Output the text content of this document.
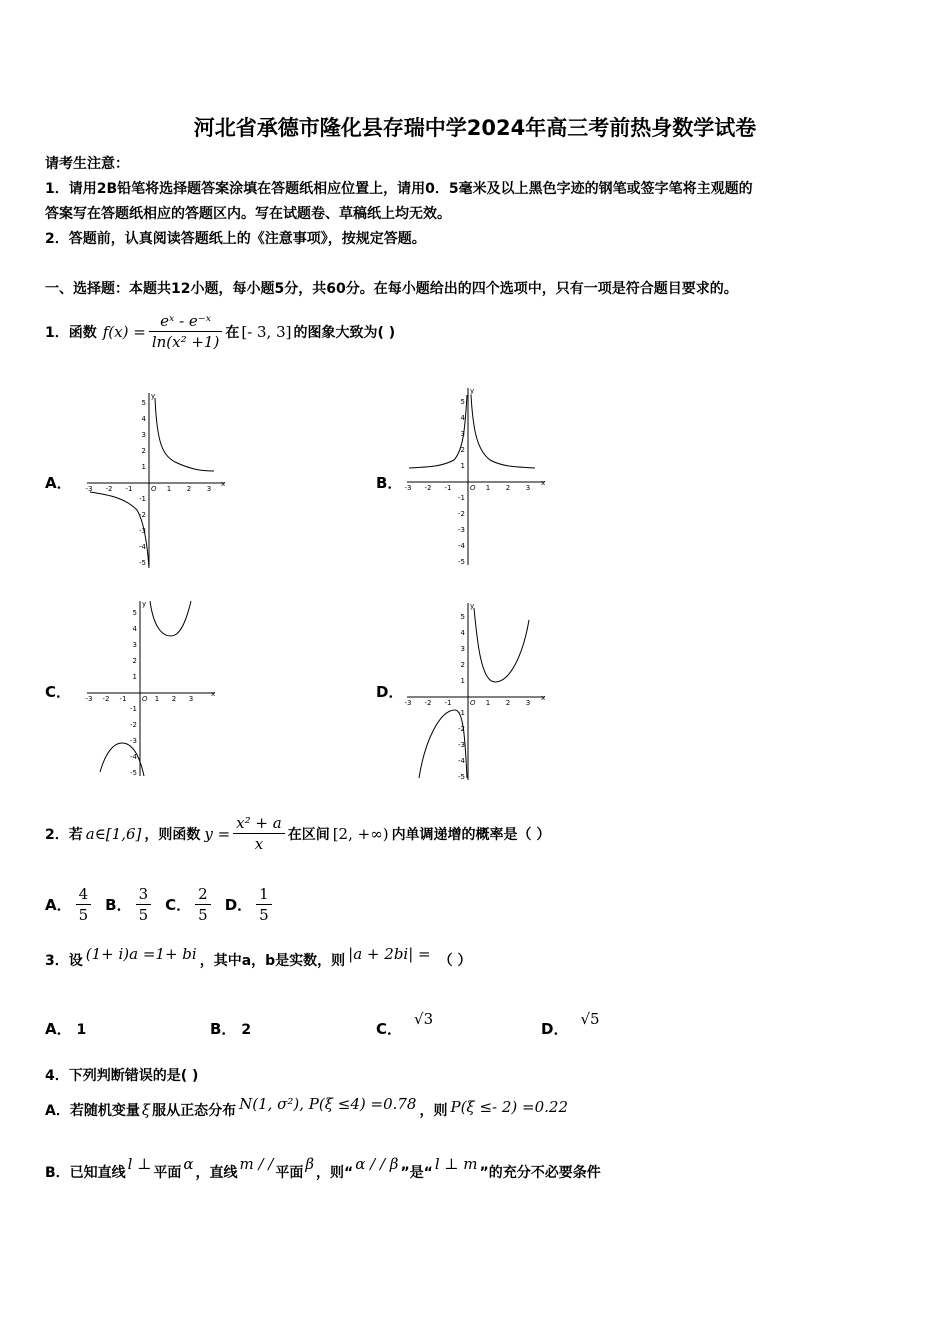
河北省承德市隆化县存瑞中学2024年高三考前热身数学试卷
请考生注意：
1．请用2B铅笔将选择题答案涂填在答题纸相应位置上，请用0．5毫米及以上黑色字迹的钢笔或签字笔将主观题的
答案写在答题纸相应的答题区内。写在试题卷、草稿纸上均无效。
2．答题前，认真阅读答题纸上的《注意事项》，按规定答题。
一、选择题：本题共12小题，每小题5分，共60分。在每小题给出的四个选项中，只有一项是符合题目要求的。
1．函数 $f(x) = \frac{\text{eˣ - e⁻ˣ}}{\text{ln(x² +1)}}$ 在 [- 3, 3] 的图象大致为( )
A．	B．
C．	D．
-3 -2 -1	1 2 3
5
4
3
2
1
-1
-2
-3
-4
-5
O
x
y
-3 -2 -1	1 2 3
5
4
3
2
1
-1
-2
-3
-4
-5
O
x
y
-3 -2 -1	1 2 3
5
4
3
2
1
-1
-2
-3
-4
-5
O
x
y
-3 -2 -1	1 2 3
5
4
3
2
1
-1
-2
-3
-4
-5
O
x
y
2．若 a∈[1,6] ，则函数 $y = \frac{\text{x² + a}}{x}$ 在区间 [2, +∞) 内单调递增的概率是（ ）
A． $\frac{4}{5}$ B． $\frac{3}{5}$ C． $\frac{2}{5}$ D． $\frac{1}{5}$
3．设 (1+ i)a =1+ bi ，其中a，b是实数，则 |a + 2bi| = （ ）
A． 1	B． 2	C．
√3
D．
√5
4．下列判断错误的是( )
A．若随机变量 ξ 服从正态分布 N(1, σ²), P(ξ ≤4) =0.78 ，则 P(ξ ≤- 2) =0.22
B．已知直线 l ⊥ 平面 α ，直线 m / / 平面 β ，则“ α / / β ”是“ l ⊥ m ”的充分不必要条件
